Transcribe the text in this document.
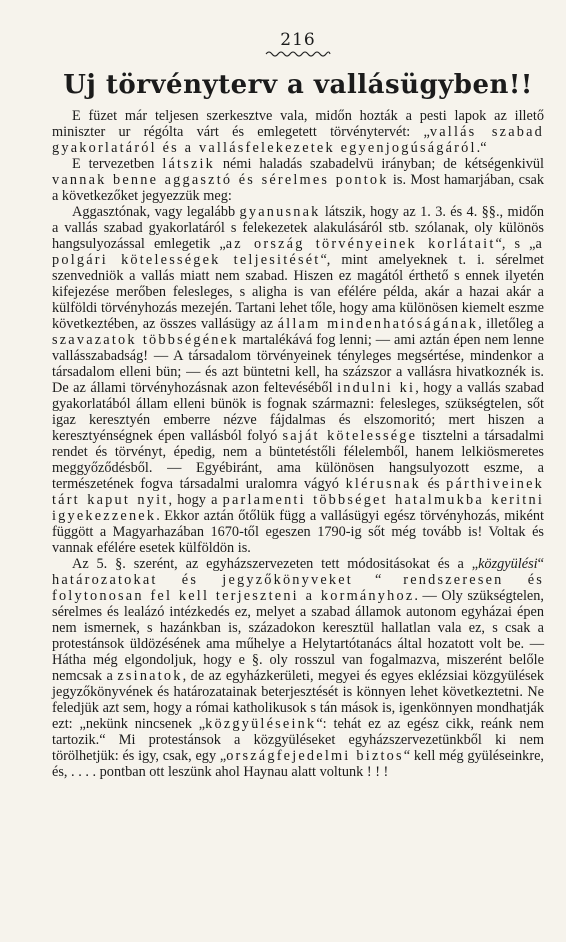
216
Uj törvényterv a vallásügyben!!

E füzet már teljesen szerkesztve vala, midőn hozták a pesti lapok az illető miniszter ur régólta várt és emlegetett törvénytervét: „vallás szabad gyakorlatáról és a vallásfelekezetek egyenjogúságáról.“

E tervezetben látszik némi haladás szabadelvü irányban; de kétségenkivül vannak benne aggasztó és sérelmes pontok is. Most hamarjában, csak a következőket jegyezzük meg:

Aggasztónak, vagy legalább gyanusnak látszik, hogy az 1. 3. és 4. §§., midőn a vallás szabad gyakorlatáról s felekezetek alakulásáról stb. szólanak, oly különös hangsulyozással emlegetik „az ország törvényeinek korlátait“, s „a polgári kötelességek teljesitését“, mint amelyeknek t. i. sérelmet szenvedniök a vallás miatt nem szabad. Hiszen ez magától érthető s ennek ilyetén kifejezése merőben felesleges, s aligha is van efélére példa, akár a hazai akár a külföldi törvényhozás mezején. Tartani lehet tőle, hogy ama különösen kiemelt eszme következtében, az összes vallásügy az állam mindenhatóságának, illetőleg a szavazatok többségének martalékává fog lenni; — ami aztán épen nem lenne vallásszabadság! — A társadalom törvényeinek tényleges megsértése, mindenkor a társadalom elleni bün; — és azt büntetni kell, ha százszor a vallásra hivatkoznék is. De az állami törvényhozásnak azon feltevéséből indulni ki, hogy a vallás szabad gyakorlatából állam elleni bünök is fognak származni: felesleges, szükségtelen, sőt igaz keresztyén emberre nézve fájdalmas és elszomoritó; mert hiszen a keresztyénségnek épen vallásból folyó saját kötelessége tisztelni a társadalmi rendet és törvényt, épedig, nem a büntetéstőli félelemből, hanem lelkiösmeretes meggyőződésből. — Egyébiránt, ama különösen hangsulyozott eszme, a természetének fogva társadalmi uralomra vágyó klérusnak és párthiveinek tárt kaput nyit, hogy a parlamenti többséget hatalmukba keritni igyekezzenek. Ekkor aztán őtőlük függ a vallásügyi egész törvényhozás, miként függött a Magyarhazában 1670-től egeszen 1790-ig sőt még tovább is! Voltak és vannak efélére esetek külföldön is.

Az 5. §. szerént, az egyházszervezeten tett módositásokat és a „közgyülési“ határozatokat és jegyzőkönyveket “ rendszeresen és folytonosan fel kell terjeszteni a kormányhoz. — Oly szükségtelen, sérelmes és lealázó intézkedés ez, melyet a szabad államok autonom egyházai épen nem ismernek, s hazánkban is, századokon keresztül hallatlan vala ez, s csak a protestánsok üldözésének ama műhelye a Helytartótanács által hozatott volt be. — Hátha még elgondoljuk, hogy e §. oly rosszul van fogalmazva, miszerént belőle nemcsak a zsinatok, de az egyházkerületi, megyei és egyes eklézsiai közgyülések jegyzőkönyvének és határozatainak beterjesztését is könnyen lehet következtetni. Ne feledjük azt sem, hogy a római katholikusok s tán mások is, igenkönnyen mondhatják ezt: „nekünk nincsenek „közgyüléseink“: tehát ez az egész cikk, reánk nem tartozik.“ Mi protestánsok a közgyüléseket egyházszervezetünkből ki nem törölhetjük: és igy, csak, egy „országfejedelmi biztos“ kell még gyüléseinkre, és, . . . . pontban ott leszünk ahol Haynau alatt voltunk ! ! !
